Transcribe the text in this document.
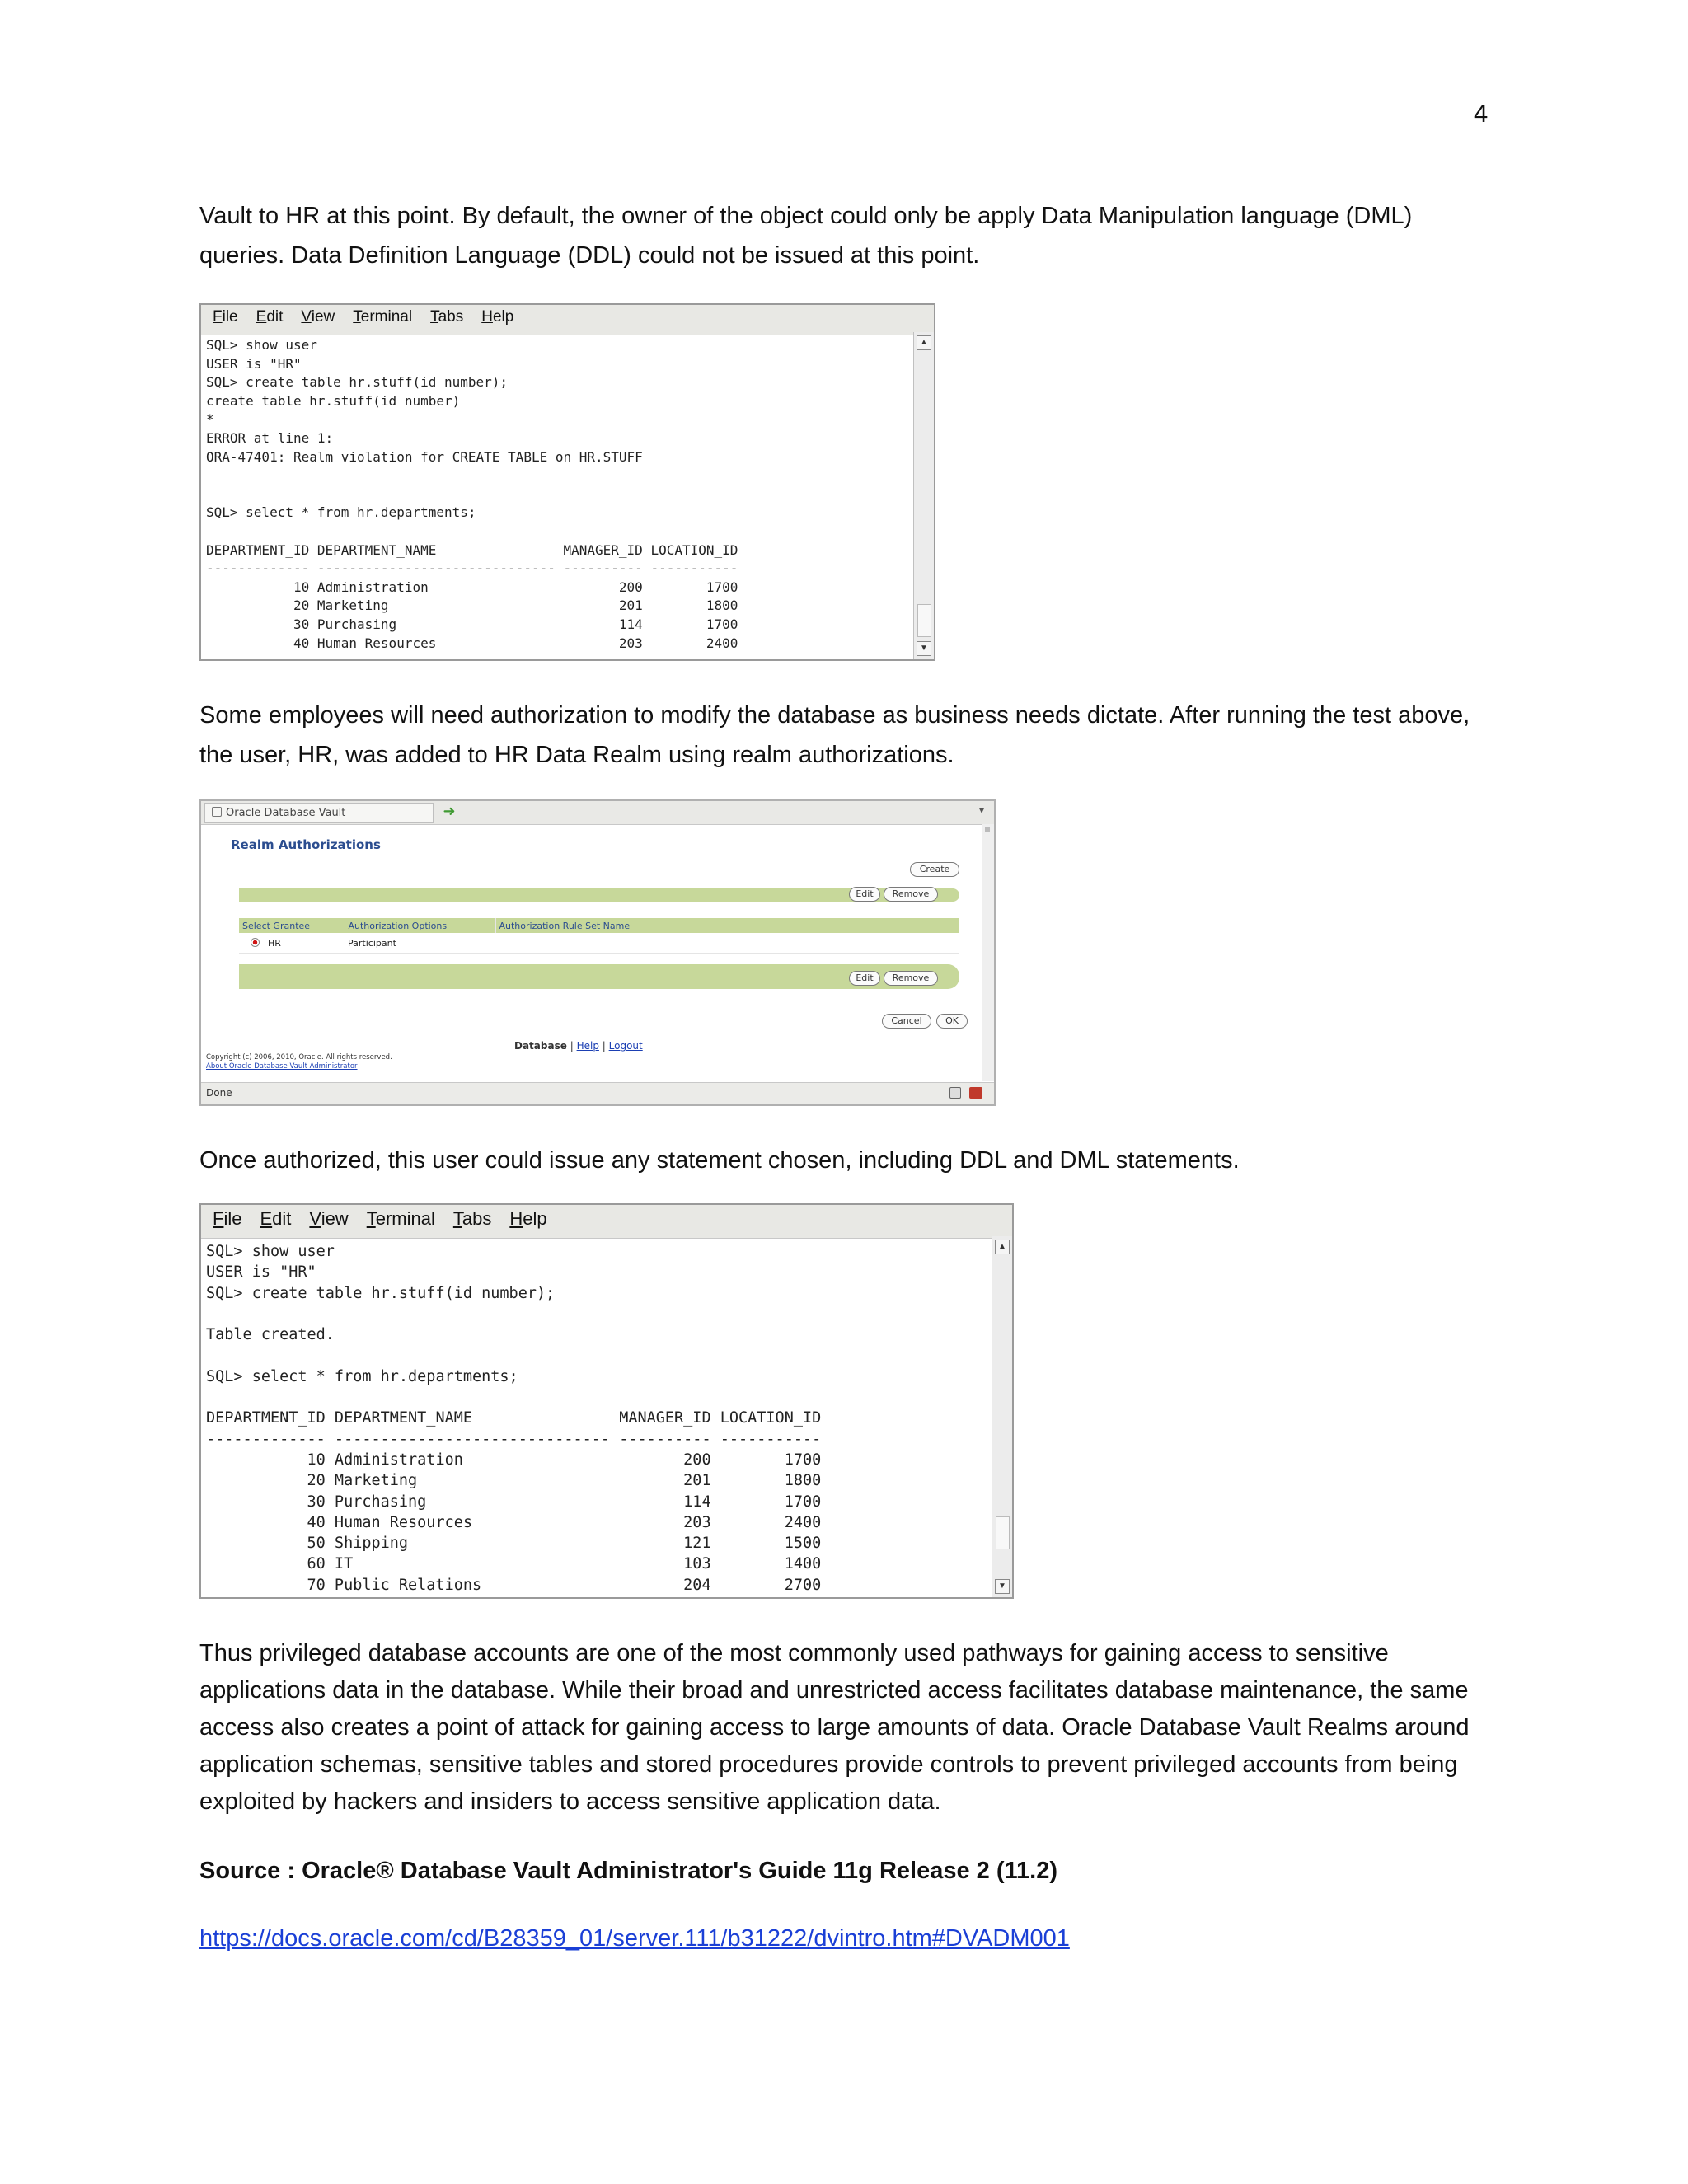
4

Vault to HR at this point. By default, the owner of the object could only be apply Data Manipulation language (DML) queries. Data Definition Language (DDL) could not be issued at this point.

File Edit View Terminal Tabs Help
SQL> show user
USER is "HR"
SQL> create table hr.stuff(id number);
create table hr.stuff(id number)
*
ERROR at line 1:
ORA-47401: Realm violation for CREATE TABLE on HR.STUFF

SQL> select * from hr.departments;

DEPARTMENT_ID DEPARTMENT_NAME                MANAGER_ID LOCATION_ID
------------- ------------------------------ ---------- -----------
10 Administration                        200        1700
20 Marketing                             201        1800
30 Purchasing                            114        1700
40 Human Resources                       203        2400
▲
▼

Some employees will need authorization to modify the database as business needs dictate. After running the test above, the user, HR, was added to HR Data Realm using realm authorizations.

Oracle Database Vault	➜	▾
Realm Authorizations
Create
Edit	Remove
Select Grantee	Authorization Options	Authorization Rule Set Name
HR	Participant	
Edit	Remove
Cancel	OK
Database | Help | Logout
Copyright (c) 2006, 2010, Oracle. All rights reserved.
About Oracle Database Vault Administrator
Done

Once authorized, this user could issue any statement chosen, including DDL and DML statements.

File Edit View Terminal Tabs Help
SQL> show user
USER is "HR"
SQL> create table hr.stuff(id number);

Table created.

SQL> select * from hr.departments;

DEPARTMENT_ID DEPARTMENT_NAME                MANAGER_ID LOCATION_ID
------------- ------------------------------ ---------- -----------
10 Administration                        200        1700
20 Marketing                             201        1800
30 Purchasing                            114        1700
40 Human Resources                       203        2400
50 Shipping                              121        1500
60 IT                                    103        1400
70 Public Relations                      204        2700
▲
▼

Thus privileged database accounts are one of the most commonly used pathways for gaining access to sensitive applications data in the database. While their broad and unrestricted access facilitates database maintenance, the same access also creates a point of attack for gaining access to large amounts of data. Oracle Database Vault Realms around application schemas, sensitive tables and stored procedures provide controls to prevent privileged accounts from being exploited by hackers and insiders to access sensitive application data.

Source : Oracle® Database Vault Administrator's Guide 11g Release 2 (11.2)
https://docs.oracle.com/cd/B28359_01/server.111/b31222/dvintro.htm#DVADM001
